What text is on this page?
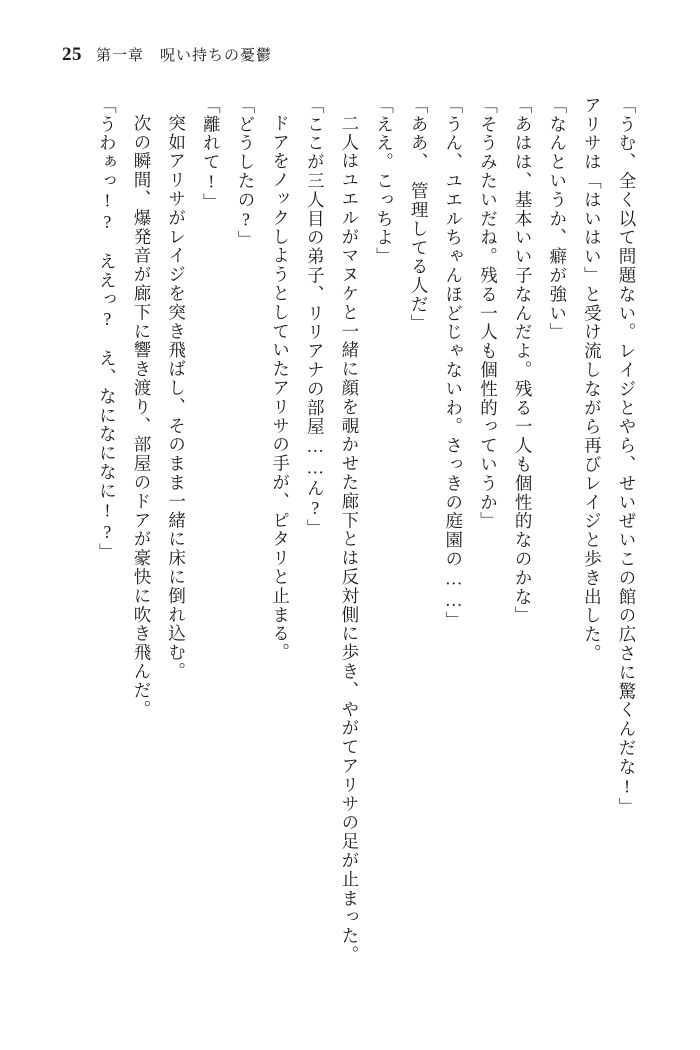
25 第一章　呪い持ちの憂鬱

「うむ、全く以て問題ない。レイジとやら、せいぜいこの館の広さに驚くんだな!」

アリサは「はいはい」と受け流しながら再びレイジと歩き出した。

「なんというか、癖が強い」

「あはは、基本いい子なんだよ。残る一人も個性的なのかな」

「そうみたいだね。残る一人も個性的っていうか」

「うん、ユエルちゃんほどじゃないわ。さっきの庭園の……」

「ああ、　管理してる人だ」

「ええ。こっちよ」

二人はユエルがマヌケと一緒に顔を覗かせた廊下とは反対側に歩き、やがてアリサの足が止まった。

「ここが三人目の弟子、リリアナの部屋……ん?」

ドアをノックしようとしていたアリサの手が、ピタリと止まる。

「どうしたの?」

「離れて!」

突如アリサがレイジを突き飛ばし、そのまま一緒に床に倒れ込む。

次の瞬間、爆発音が廊下に響き渡り、部屋のドアが豪快に吹き飛んだ。

「うわぁっ!?　ええっ?　え、なになになに!?」
